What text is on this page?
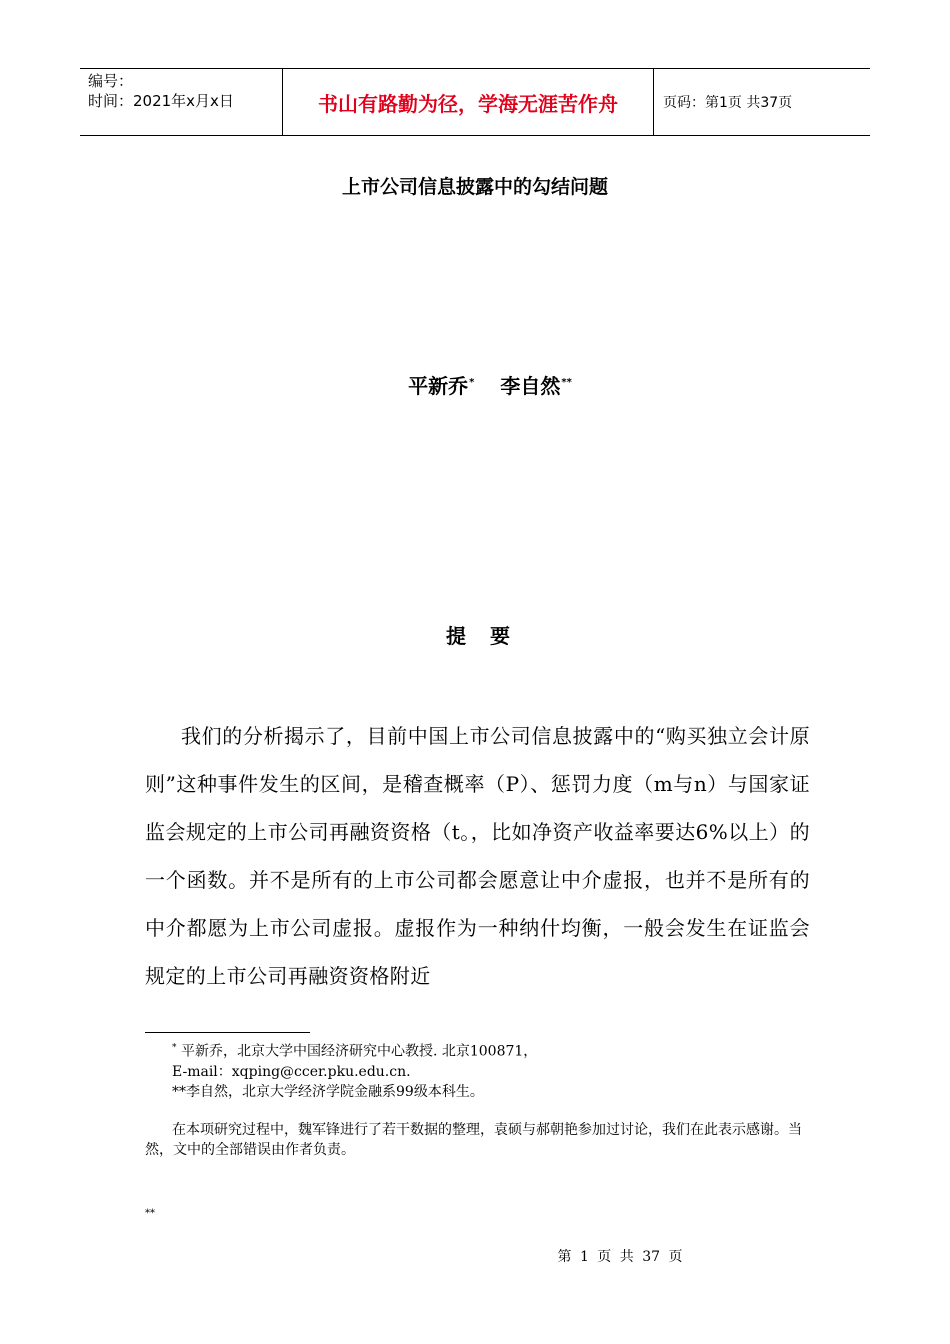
编号：
时间：2021年x月x日	书山有路勤为径，学海无涯苦作舟	页码：第1页 共37页
上市公司信息披露中的勾结问题
平新乔* 李自然**
提要
我们的分析揭示了，目前中国上市公司信息披露中的“购买独立会计原则”这种事件发生的区间，是稽查概率（P）、惩罚力度（m与n）与国家证监会规定的上市公司再融资资格（t。，比如净资产收益率要达6%以上）的一个函数。并不是所有的上市公司都会愿意让中介虚报，也并不是所有的中介都愿为上市公司虚报。虚报作为一种纳什均衡，一般会发生在证监会规定的上市公司再融资资格附近
* 平新乔，北京大学中国经济研究中心教授. 北京100871，
E-mail：xqping@ccer.pku.edu.cn.
**李自然，北京大学经济学院金融系99级本科生。
在本项研究过程中，魏军锋进行了若干数据的整理，袁硕与郝朝艳参加过讨论，我们在此表示感谢。当然，文中的全部错误由作者负责。
**
第 1 页 共 37 页
